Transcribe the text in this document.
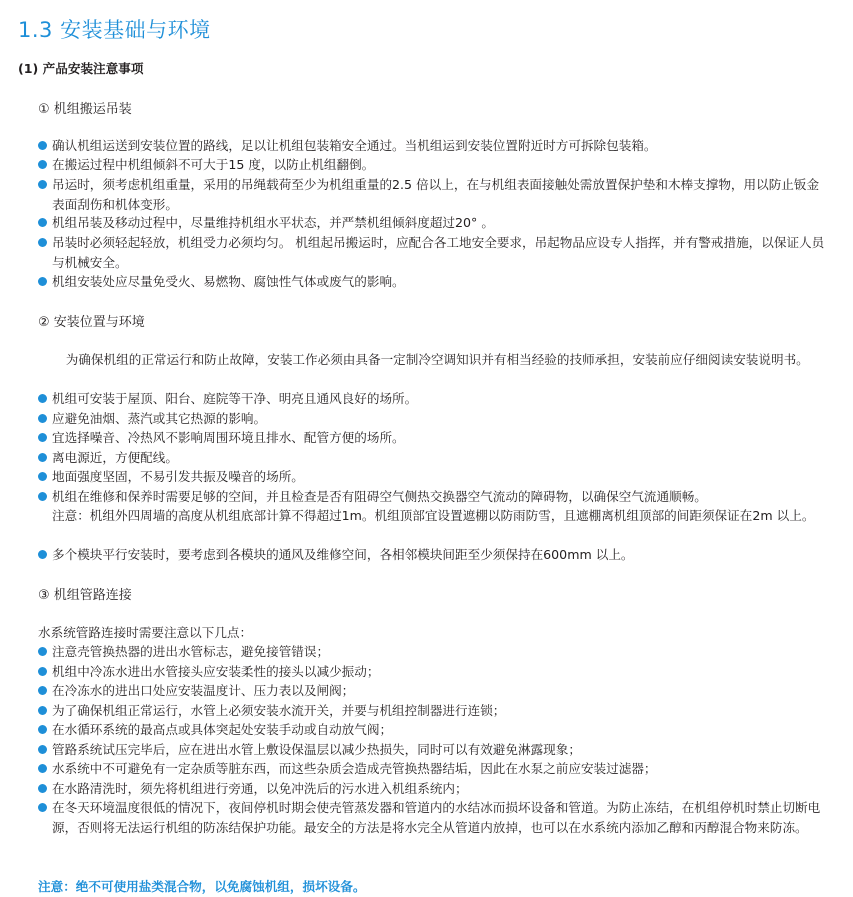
1.3 安装基础与环境
(1) 产品安装注意事项
① 机组搬运吊装
确认机组运送到安装位置的路线，足以让机组包装箱安全通过。当机组运到安装位置附近时方可拆除包装箱。
在搬运过程中机组倾斜不可大于15 度，以防止机组翻倒。
吊运时，须考虑机组重量，采用的吊绳载荷至少为机组重量的2.5 倍以上，在与机组表面接触处需放置保护垫和木棒支撑物，用以防止钣金表面刮伤和机体变形。
机组吊装及移动过程中，尽量维持机组水平状态，并严禁机组倾斜度超过20° 。
吊装时必须轻起轻放，机组受力必须均匀。 机组起吊搬运时，应配合各工地安全要求，吊起物品应设专人指挥，并有警戒措施，以保证人员与机械安全。
机组安装处应尽量免受火、易燃物、腐蚀性气体或废气的影响。
② 安装位置与环境
为确保机组的正常运行和防止故障，安装工作必须由具备一定制冷空调知识并有相当经验的技师承担，安装前应仔细阅读安装说明书。
机组可安装于屋顶、阳台、庭院等干净、明亮且通风良好的场所。
应避免油烟、蒸汽或其它热源的影响。
宜选择噪音、冷热风不影响周围环境且排水、配管方便的场所。
离电源近，方便配线。
地面强度坚固，不易引发共振及噪音的场所。
机组在维修和保养时需要足够的空间，并且检查是否有阻碍空气侧热交换器空气流动的障碍物，以确保空气流通顺畅。
注意：机组外四周墙的高度从机组底部计算不得超过1m。机组顶部宜设置遮棚以防雨防雪，且遮棚离机组顶部的间距须保证在2m 以上。
多个模块平行安装时，要考虑到各模块的通风及维修空间，各相邻模块间距至少须保持在600mm 以上。
③ 机组管路连接
水系统管路连接时需要注意以下几点：
注意壳管换热器的进出水管标志，避免接管错误；
机组中冷冻水进出水管接头应安装柔性的接头以减少振动；
在冷冻水的进出口处应安装温度计、压力表以及闸阀；
为了确保机组正常运行，水管上必须安装水流开关，并要与机组控制器进行连锁；
在水循环系统的最高点或具体突起处安装手动或自动放气阀；
管路系统试压完毕后，应在进出水管上敷设保温层以减少热损失，同时可以有效避免淋露现象；
水系统中不可避免有一定杂质等脏东西，而这些杂质会造成壳管换热器结垢，因此在水泵之前应安装过滤器；
在水路清洗时，须先将机组进行旁通，以免冲洗后的污水进入机组系统内；
在冬天环境温度很低的情况下，夜间停机时期会使壳管蒸发器和管道内的水结冰而损坏设备和管道。为防止冻结，在机组停机时禁止切断电源，否则将无法运行机组的防冻结保护功能。最安全的方法是将水完全从管道内放掉，也可以在水系统内添加乙醇和丙醇混合物来防冻。
注意：绝不可使用盐类混合物，以免腐蚀机组，损坏设备。
